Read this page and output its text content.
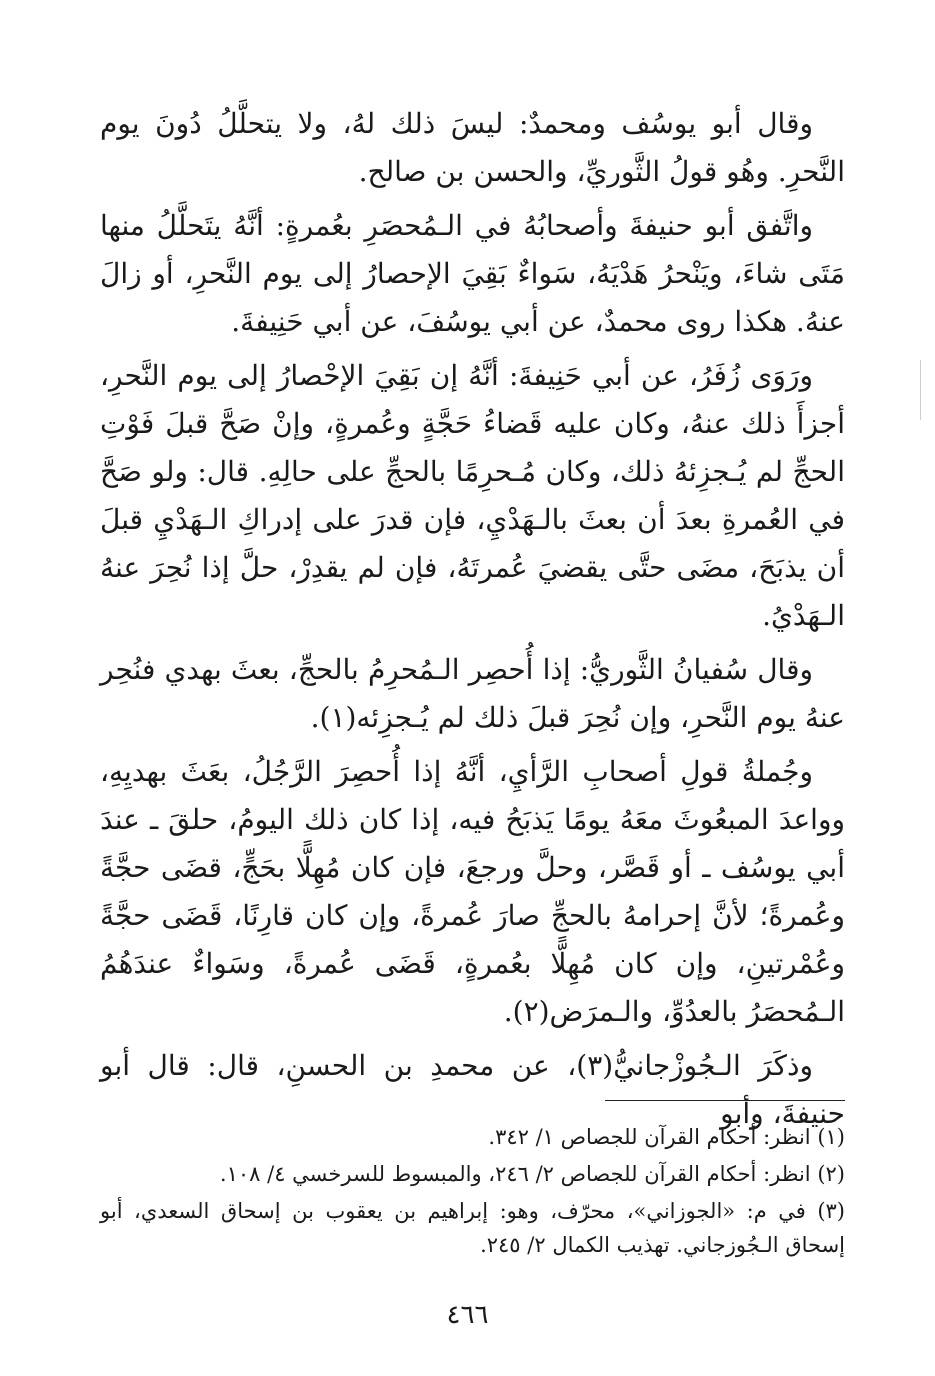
وقال أبو يوسُف ومحمدٌ: ليسَ ذلك لهُ، ولا يتحلَّلُ دُونَ يوم النَّحرِ. وهُو قولُ الثَّوريِّ، والحسن بن صالح.

واتَّفق أبو حنيفةَ وأصحابُهُ في الـمُحصَرِ بعُمرةٍ: أنَّهُ يتَحلَّلُ منها مَتَى شاءَ، ويَنْحرُ هَدْيَهُ، سَواءٌ بَقِيَ الإحصارُ إلى يوم النَّحرِ، أو زالَ عنهُ. هكذا روى محمدٌ، عن أبي يوسُفَ، عن أبي حَنِيفةَ.

ورَوَى زُفَرُ، عن أبي حَنِيفةَ: أنَّهُ إن بَقِيَ الإحْصارُ إلى يوم النَّحرِ، أجزأَ ذلك عنهُ، وكان عليه قَضاءُ حَجَّةٍ وعُمرةٍ، وإنْ صَحَّ قبلَ فَوْتِ الحجِّ لم يُـجزِئهُ ذلك، وكان مُـحرِمًا بالحجِّ على حالِهِ. قال: ولو صَحَّ في العُمرةِ بعدَ أن بعثَ بالـهَدْيِ، فإن قدرَ على إدراكِ الـهَدْيِ قبلَ أن يذبَحَ، مضَى حتَّى يقضيَ عُمرتَهُ، فإن لم يقدِرْ، حلَّ إذا نُحِرَ عنهُ الـهَدْيُ.

وقال سُفيانُ الثَّوريُّ: إذا أُحصِر الـمُحرِمُ بالحجِّ، بعثَ بهدي فنُحِر عنهُ يوم النَّحرِ، وإن نُحِرَ قبلَ ذلك لم يُـجزِئه(١).

وجُملةُ قولِ أصحابِ الرَّأيِ، أنَّهُ إذا أُحصِرَ الرَّجُلُ، بعَثَ بهديِهِ، وواعدَ المبعُوثَ معَهُ يومًا يَذبَحُ فيه، إذا كان ذلك اليومُ، حلقَ ـ عندَ أبي يوسُف ـ أو قَصَّر، وحلَّ ورجعَ، فإن كان مُهِلًّا بحَجٍّ، قضَى حجَّةً وعُمرةً؛ لأنَّ إحرامهُ بالحجِّ صارَ عُمرةً، وإن كان قارِنًا، قَضَى حجَّةً وعُمْرتينِ، وإن كان مُهِلًّا بعُمرةٍ، قَضَى عُمرةً، وسَواءٌ عندَهُمُ الـمُحصَرُ بالعدُوِّ، والـمرَض(٢).

وذكَرَ الـجُوزْجانيُّ(٣)، عن محمدِ بن الحسنِ، قال: قال أبو حنيفةَ، وأبو

(١) انظر: أحكام القرآن للجصاص ١/ ٣٤٢.

(٢) انظر: أحكام القرآن للجصاص ٢/ ٢٤٦، والمبسوط للسرخسي ٤/ ١٠٨.

(٣) في م: «الجوزاني»، محرّف، وهو: إبراهيم بن يعقوب بن إسحاق السعدي، أبو إسحاق الـجُوزجاني. تهذيب الكمال ٢/ ٢٤٥.

٤٦٦
